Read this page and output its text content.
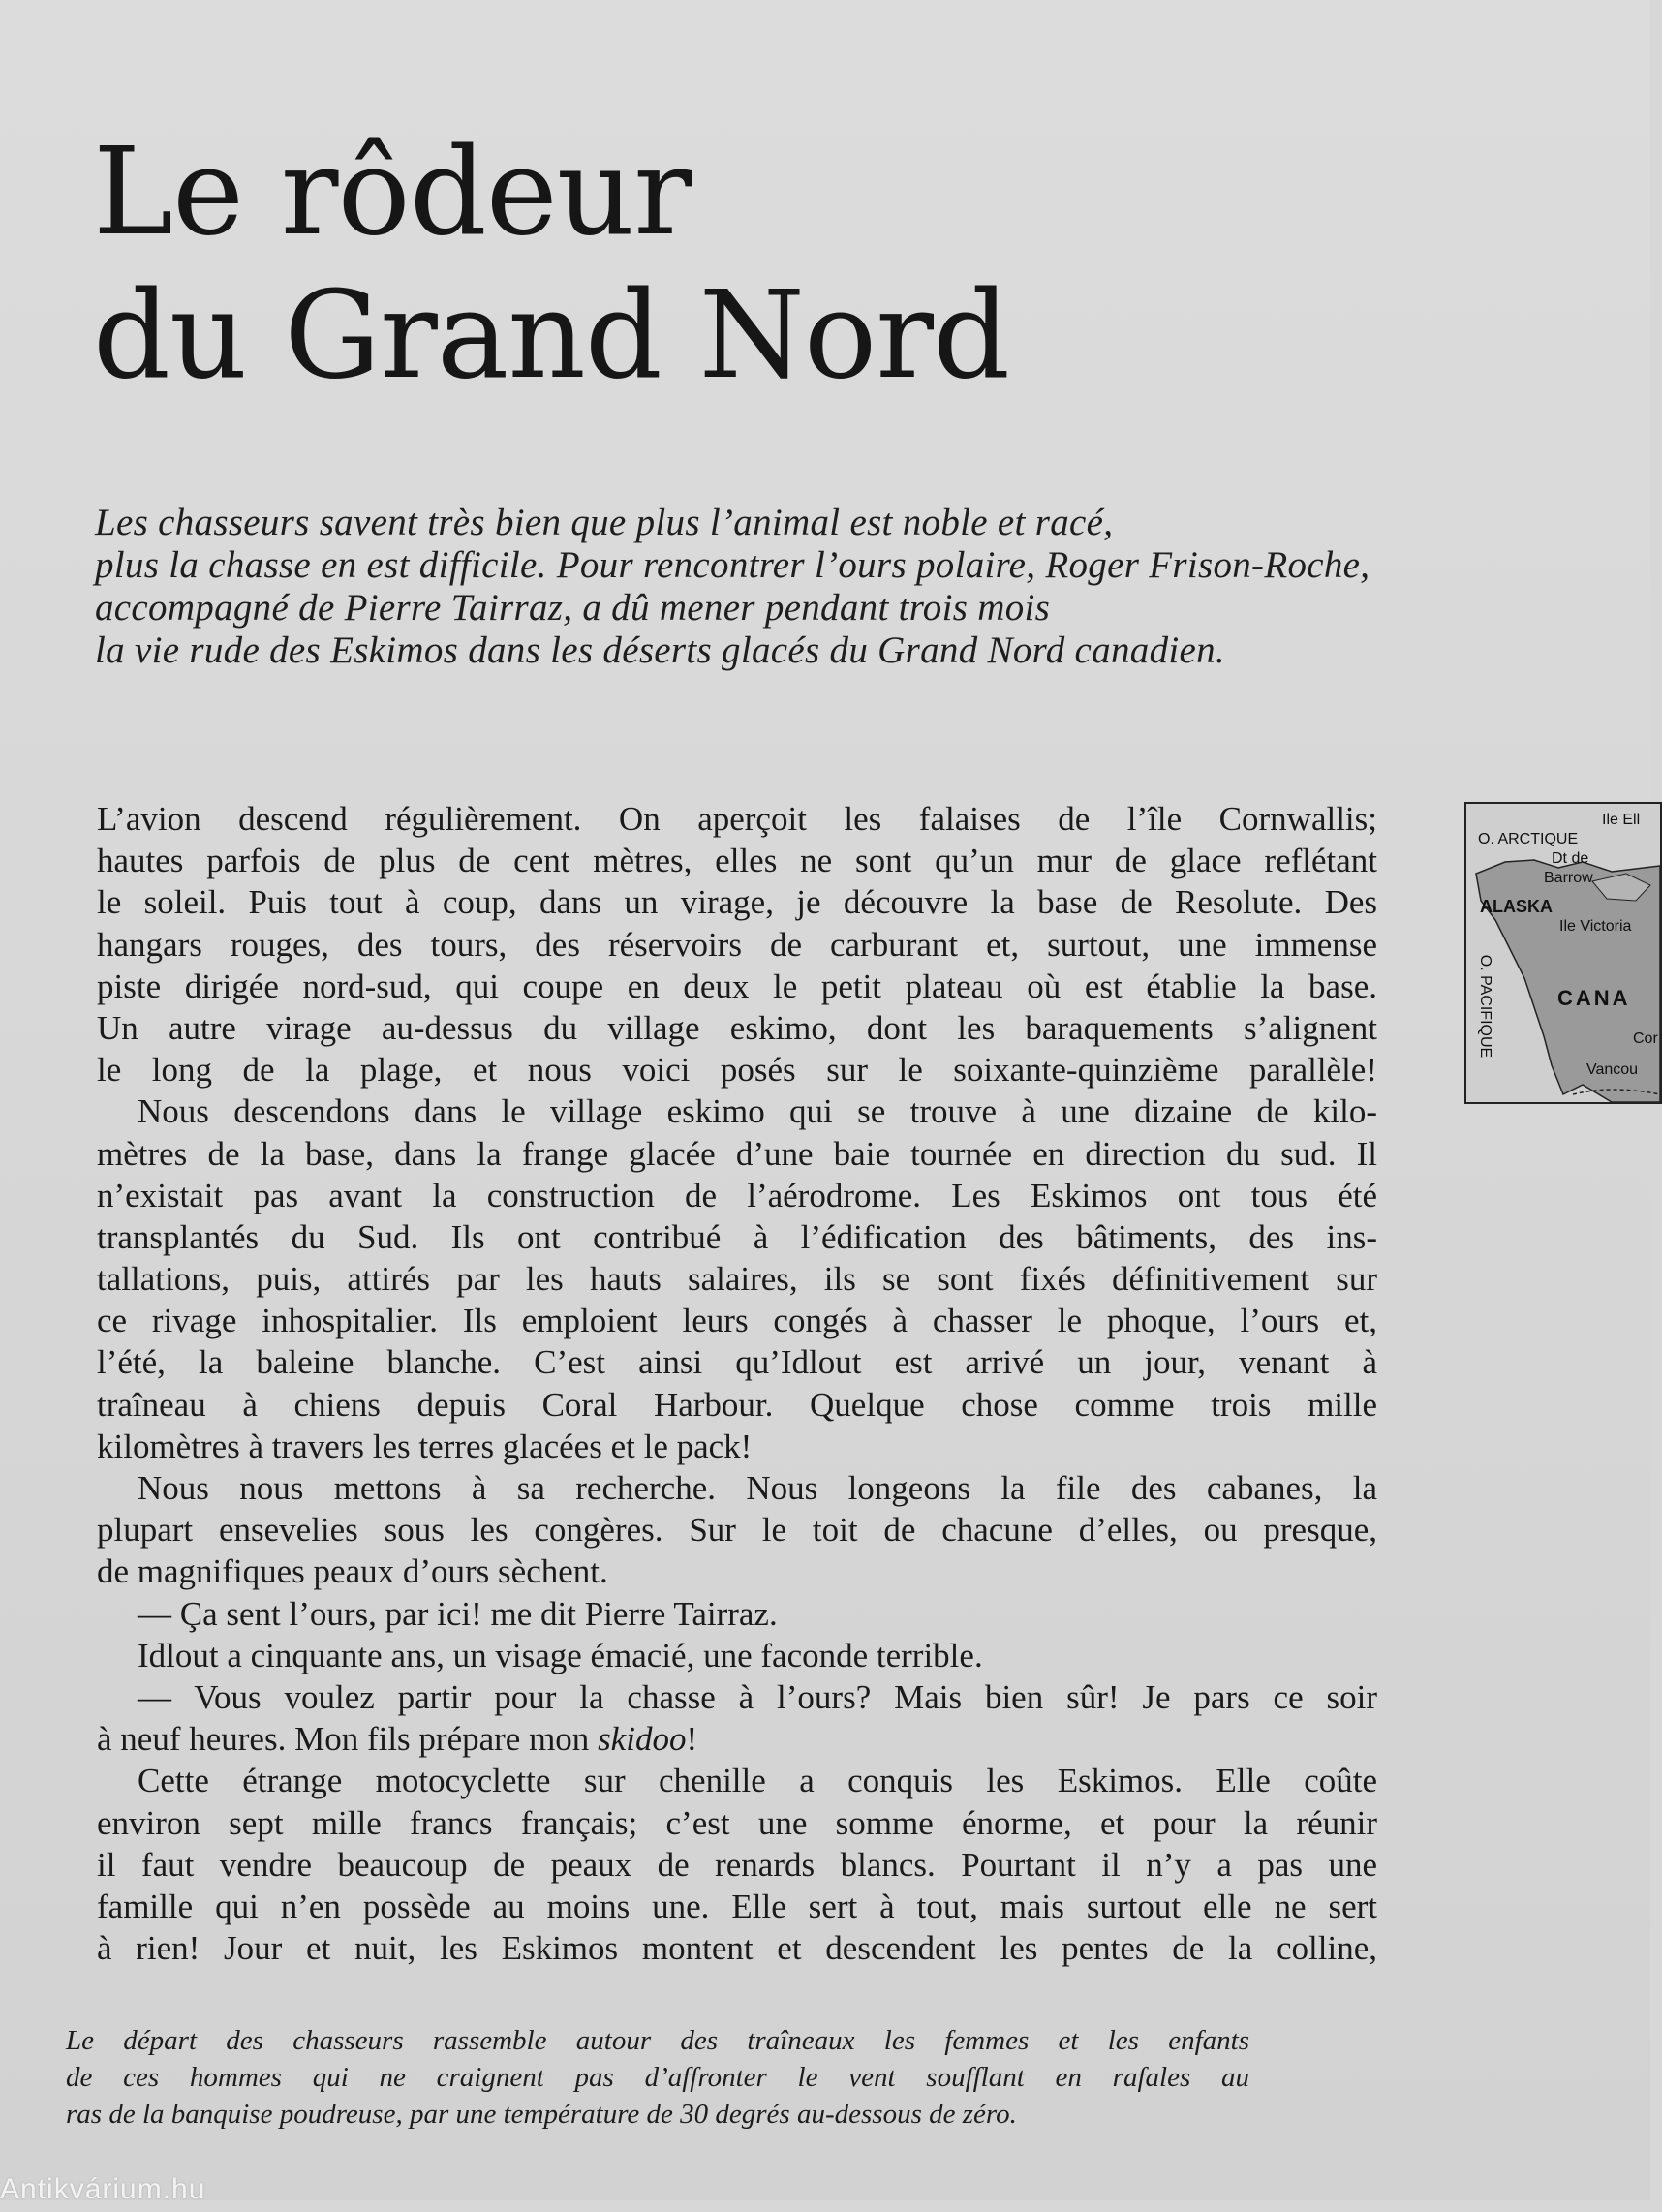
Le rôdeur
du Grand Nord
Les chasseurs savent très bien que plus l’animal est noble et racé,
plus la chasse en est difficile. Pour rencontrer l’ours polaire, Roger Frison-Roche,
accompagné de Pierre Tairraz, a dû mener pendant trois mois
la vie rude des Eskimos dans les déserts glacés du Grand Nord canadien.
L’avion descend régulièrement. On aperçoit les falaises de l’île Cornwallis;
hautes parfois de plus de cent mètres, elles ne sont qu’un mur de glace reflétant
le soleil. Puis tout à coup, dans un virage, je découvre la base de Resolute. Des
hangars rouges, des tours, des réservoirs de carburant et, surtout, une immense
piste dirigée nord-sud, qui coupe en deux le petit plateau où est établie la base.
Un autre virage au-dessus du village eskimo, dont les baraquements s’alignent
le long de la plage, et nous voici posés sur le soixante-quinzième parallèle!
Nous descendons dans le village eskimo qui se trouve à une dizaine de kilo-
mètres de la base, dans la frange glacée d’une baie tournée en direction du sud. Il
n’existait pas avant la construction de l’aérodrome. Les Eskimos ont tous été
transplantés du Sud. Ils ont contribué à l’édification des bâtiments, des ins-
tallations, puis, attirés par les hauts salaires, ils se sont fixés définitivement sur
ce rivage inhospitalier. Ils emploient leurs congés à chasser le phoque, l’ours et,
l’été, la baleine blanche. C’est ainsi qu’Idlout est arrivé un jour, venant à
traîneau à chiens depuis Coral Harbour. Quelque chose comme trois mille
kilomètres à travers les terres glacées et le pack!
Nous nous mettons à sa recherche. Nous longeons la file des cabanes, la
plupart ensevelies sous les congères. Sur le toit de chacune d’elles, ou presque,
de magnifiques peaux d’ours sèchent.
— Ça sent l’ours, par ici! me dit Pierre Tairraz.
Idlout a cinquante ans, un visage émacié, une faconde terrible.
— Vous voulez partir pour la chasse à l’ours? Mais bien sûr! Je pars ce soir
à neuf heures. Mon fils prépare mon skidoo!
Cette étrange motocyclette sur chenille a conquis les Eskimos. Elle coûte
environ sept mille francs français; c’est une somme énorme, et pour la réunir
il faut vendre beaucoup de peaux de renards blancs. Pourtant il n’y a pas une
famille qui n’en possède au moins une. Elle sert à tout, mais surtout elle ne sert
à rien! Jour et nuit, les Eskimos montent et descendent les pentes de la colline,
Ile Ell
O. ARCTIQUE
Dt de
Barrow
ALASKA
Ile Victoria
O. PACIFIQUE	CANA
Cor
Vancou
Le départ des chasseurs rassemble autour des traîneaux les femmes et les enfants
de ces hommes qui ne craignent pas d’affronter le vent soufflant en rafales au
ras de la banquise poudreuse, par une température de 30 degrés au-dessous de zéro.
Antikvárium.hu
